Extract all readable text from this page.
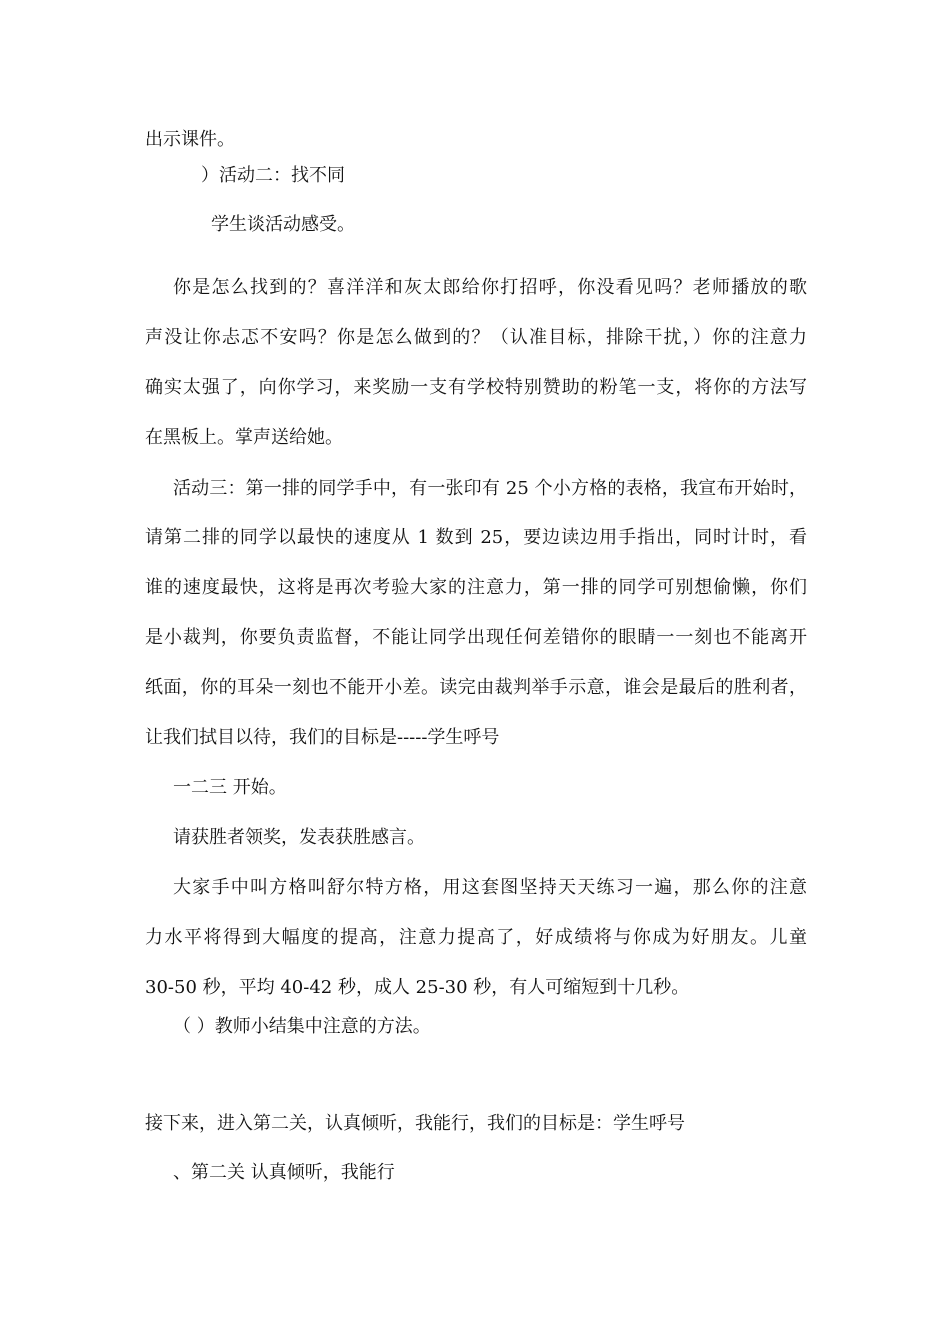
出示课件。
）活动二：找不同
学生谈活动感受。
你是怎么找到的？喜洋洋和灰太郎给你打招呼，你没看见吗？老师播放的歌
声没让你忐忑不安吗？你是怎么做到的？（认准目标，排除干扰，）你的注意力
确实太强了，向你学习，来奖励一支有学校特别赞助的粉笔一支，将你的方法写
在黑板上。掌声送给她。
活动三：第一排的同学手中，有一张印有 25 个小方格的表格，我宣布开始时，
请第二排的同学以最快的速度从 1 数到 25，要边读边用手指出，同时计时，看
谁的速度最快，这将是再次考验大家的注意力，第一排的同学可别想偷懒，你们
是小裁判，你要负责监督，不能让同学出现任何差错你的眼睛一一刻也不能离开
纸面，你的耳朵一刻也不能开小差。读完由裁判举手示意，谁会是最后的胜利者，
让我们拭目以待，我们的目标是-----学生呼号
一二三 开始。
请获胜者领奖，发表获胜感言。
大家手中叫方格叫舒尔特方格，用这套图坚持天天练习一遍，那么你的注意
力水平将得到大幅度的提高，注意力提高了，好成绩将与你成为好朋友。儿童
30-50 秒，平均 40-42 秒，成人 25-30 秒，有人可缩短到十几秒。
（ ）教师小结集中注意的方法。
接下来，进入第二关，认真倾听，我能行，我们的目标是：学生呼号
、第二关 认真倾听，我能行
